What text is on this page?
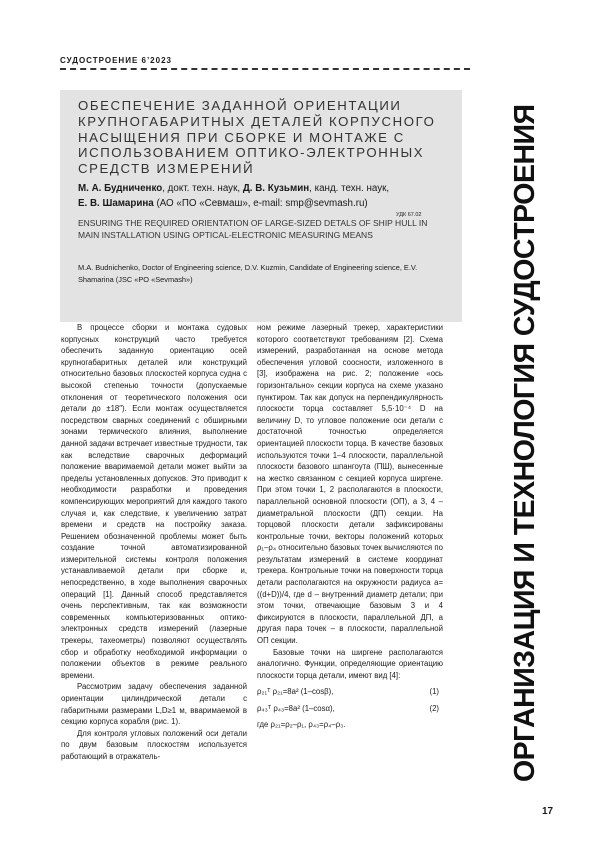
СУДОСТРОЕНИЕ 6’2023
ОБЕСПЕЧЕНИЕ ЗАДАННОЙ ОРИЕНТАЦИИ КРУПНОГАБАРИТНЫХ ДЕТАЛЕЙ КОРПУСНОГО НАСЫЩЕНИЯ ПРИ СБОРКЕ И МОНТАЖЕ С ИСПОЛЬЗОВАНИЕМ ОПТИКО-ЭЛЕКТРОННЫХ СРЕДСТВ ИЗМЕРЕНИЙ
М. А. Будниченко, докт. техн. наук, Д. В. Кузьмин, канд. техн. наук,
Е. В. Шамарина (АО «ПО «Севмаш», e-mail: smp@sevmash.ru)
УДК 67.02
ENSURING THE REQUIRED ORIENTATION OF LARGE-SIZED DETALS OF SHIP HULL IN MAIN INSTALLATION USING OPTICAL-ELECTRONIC MEASURING MEANS
M.A. Budnichenko, Doctor of Engineering science, D.V. Kuzmin, Candidate of Engineering science, E.V. Shamarina (JSC «PO «Sevmash»)

В процессе сборки и монтажа судовых корпусных конструкций часто требуется обеспечить заданную ориентацию осей крупногабаритных деталей или конструкций относительно базовых плоскостей корпуса судна с высокой степенью точности (допускаемые отклонения от теоретического положения оси детали до ±18″). Если монтаж осуществляется посредством сварных соединений с обширными зонами термического влияния, выполнение данной задачи встречает известные трудности, так как вследствие сварочных деформаций положение вваримаемой детали может выйти за пределы установленных допусков. Это приводит к необходимости разработки и проведения компенсирующих мероприятий для каждого такого случая и, как следствие, к увеличению затрат времени и средств на постройку заказа. Решением обозначенной проблемы может быть создание точной автоматизированной измерительной системы контроля положения устанавливаемой детали при сборке и, непосредственно, в ходе выполнения сварочных операций [1]. Данный способ представляется очень перспективным, так как возможности современных компьютеризованных оптико-электронных средств измерений (лазерные трекеры, тахеометры) позволяют осуществлять сбор и обработку необходимой информации о положении объектов в режиме реального времени.

Рассмотрим задачу обеспечения заданной ориентации цилиндрической детали с габаритными размерами L,D≥1 м, вваримаемой в секцию корпуса корабля (рис. 1).

Для контроля угловых положений оси детали по двум базовым плоскостям используется работающий в отражатель-

ном режиме лазерный трекер, характеристики которого соответствуют требованиям [2]. Схема измерений, разработанная на основе метода обеспечения угловой соосности, изложенного в [3], изображена на рис. 2; положение «ось горизонтально» секции корпуса на схеме указано пунктиром. Так как допуск на перпендикулярность плоскости торца составляет 5,5·10⁻⁴ D на величину D, то угловое положение оси детали с достаточной точностью определяется ориентацией плоскости торца. В качестве базовых используются точки 1–4 плоскости, параллельной плоскости базового шпангоута (ПШ), вынесенные на жестко связанном с секцией корпуса ширгене. При этом точки 1, 2 располагаются в плоскости, параллельной основной плоскости (ОП), а 3, 4 – диаметральной плоскости (ДП) секции. На торцовой плоскости детали зафиксированы контрольные точки, векторы положений которых ρ₁–ρ₄ относительно базовых точек вычисляются по результатам измерений в системе координат трекера. Контрольные точки на поверхности торца детали располагаются на окружности радиуса a=((d+D))/4, где d – внутренний диаметр детали; при этом точки, отвечающие базовым 3 и 4 фиксируются в плоскости, параллельной ДП, а другая пара точек – в плоскости, параллельной ОП секции.

Базовые точки на ширгене располагаются аналогично. Функции, определяющие ориентацию плоскости торца детали, имеют вид [4]:

ρ₂₁ᵀ ρ₂₁=8a² (1–cosβ),	(1)
ρ₄₃ᵀ ρ₄₃=8a² (1–cosα),	(2)

где ρ₂₁=ρ₂–ρ₁, ρ₄₃=ρ₄–ρ₃.	ОРГАНИЗАЦИЯ И ТЕХНОЛОГИЯ СУДОСТРОЕНИЯ
17
